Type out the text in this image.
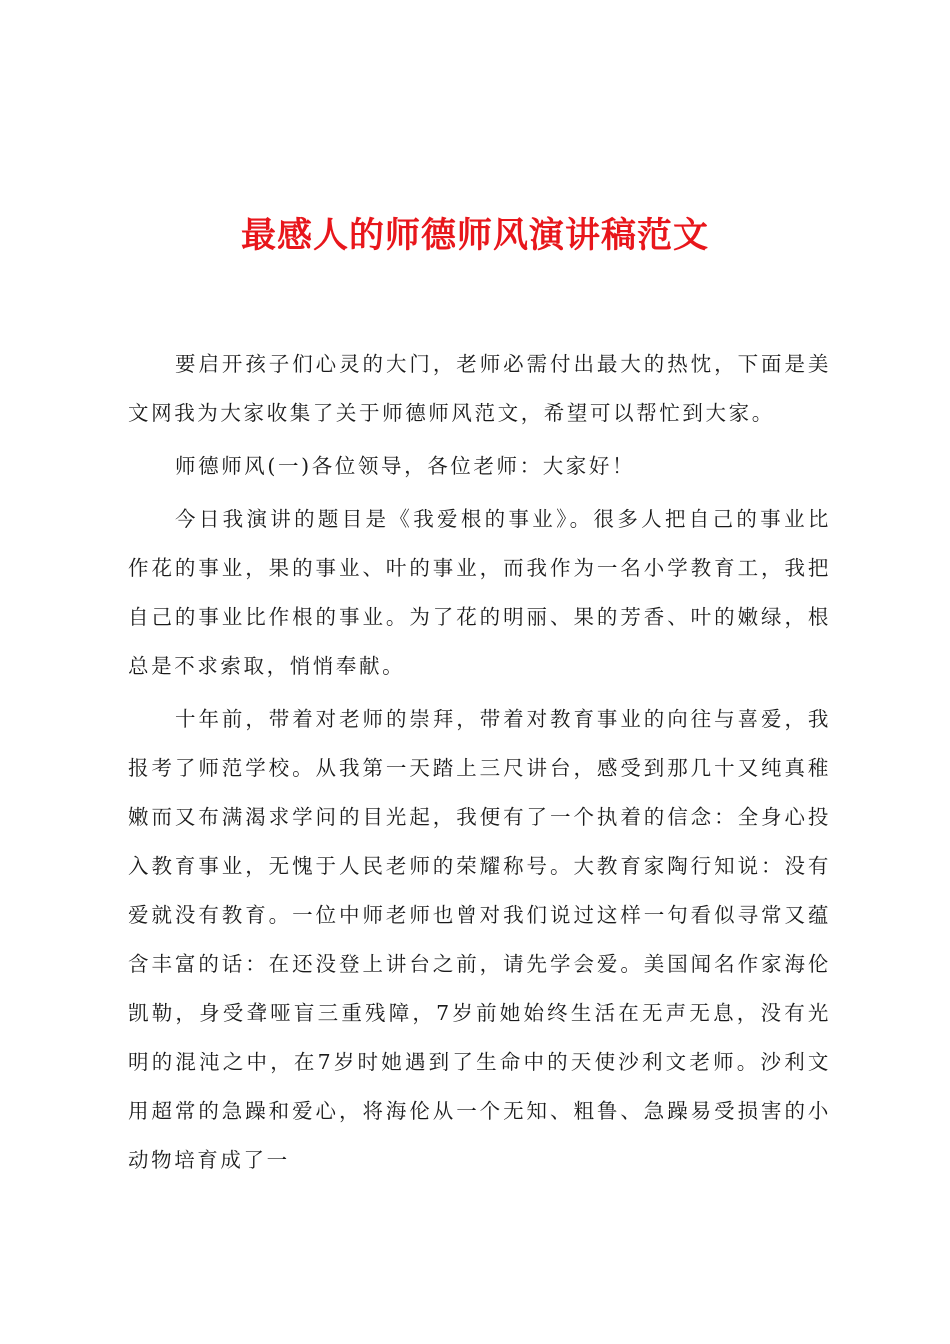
最感人的师德师风演讲稿范文

要启开孩子们心灵的大门，老师必需付出最大的热忱，下面是美文网我为大家收集了关于师德师风范文，希望可以帮忙到大家。

师德师风(一)各位领导，各位老师：大家好！

今日我演讲的题目是《我爱根的事业》。很多人把自己的事业比作花的事业，果的事业、叶的事业，而我作为一名小学教育工，我把自己的事业比作根的事业。为了花的明丽、果的芳香、叶的嫩绿，根总是不求索取，悄悄奉献。

十年前，带着对老师的崇拜，带着对教育事业的向往与喜爱，我报考了师范学校。从我第一天踏上三尺讲台，感受到那几十又纯真稚嫩而又布满渴求学问的目光起，我便有了一个执着的信念：全身心投入教育事业，无愧于人民老师的荣耀称号。大教育家陶行知说：没有爱就没有教育。一位中师老师也曾对我们说过这样一句看似寻常又蕴含丰富的话：在还没登上讲台之前，请先学会爱。美国闻名作家海伦凯勒，身受聋哑盲三重残障，7岁前她始终生活在无声无息，没有光明的混沌之中，在7岁时她遇到了生命中的天使沙利文老师。沙利文用超常的急躁和爱心，将海伦从一个无知、粗鲁、急躁易受损害的小动物培育成了一
